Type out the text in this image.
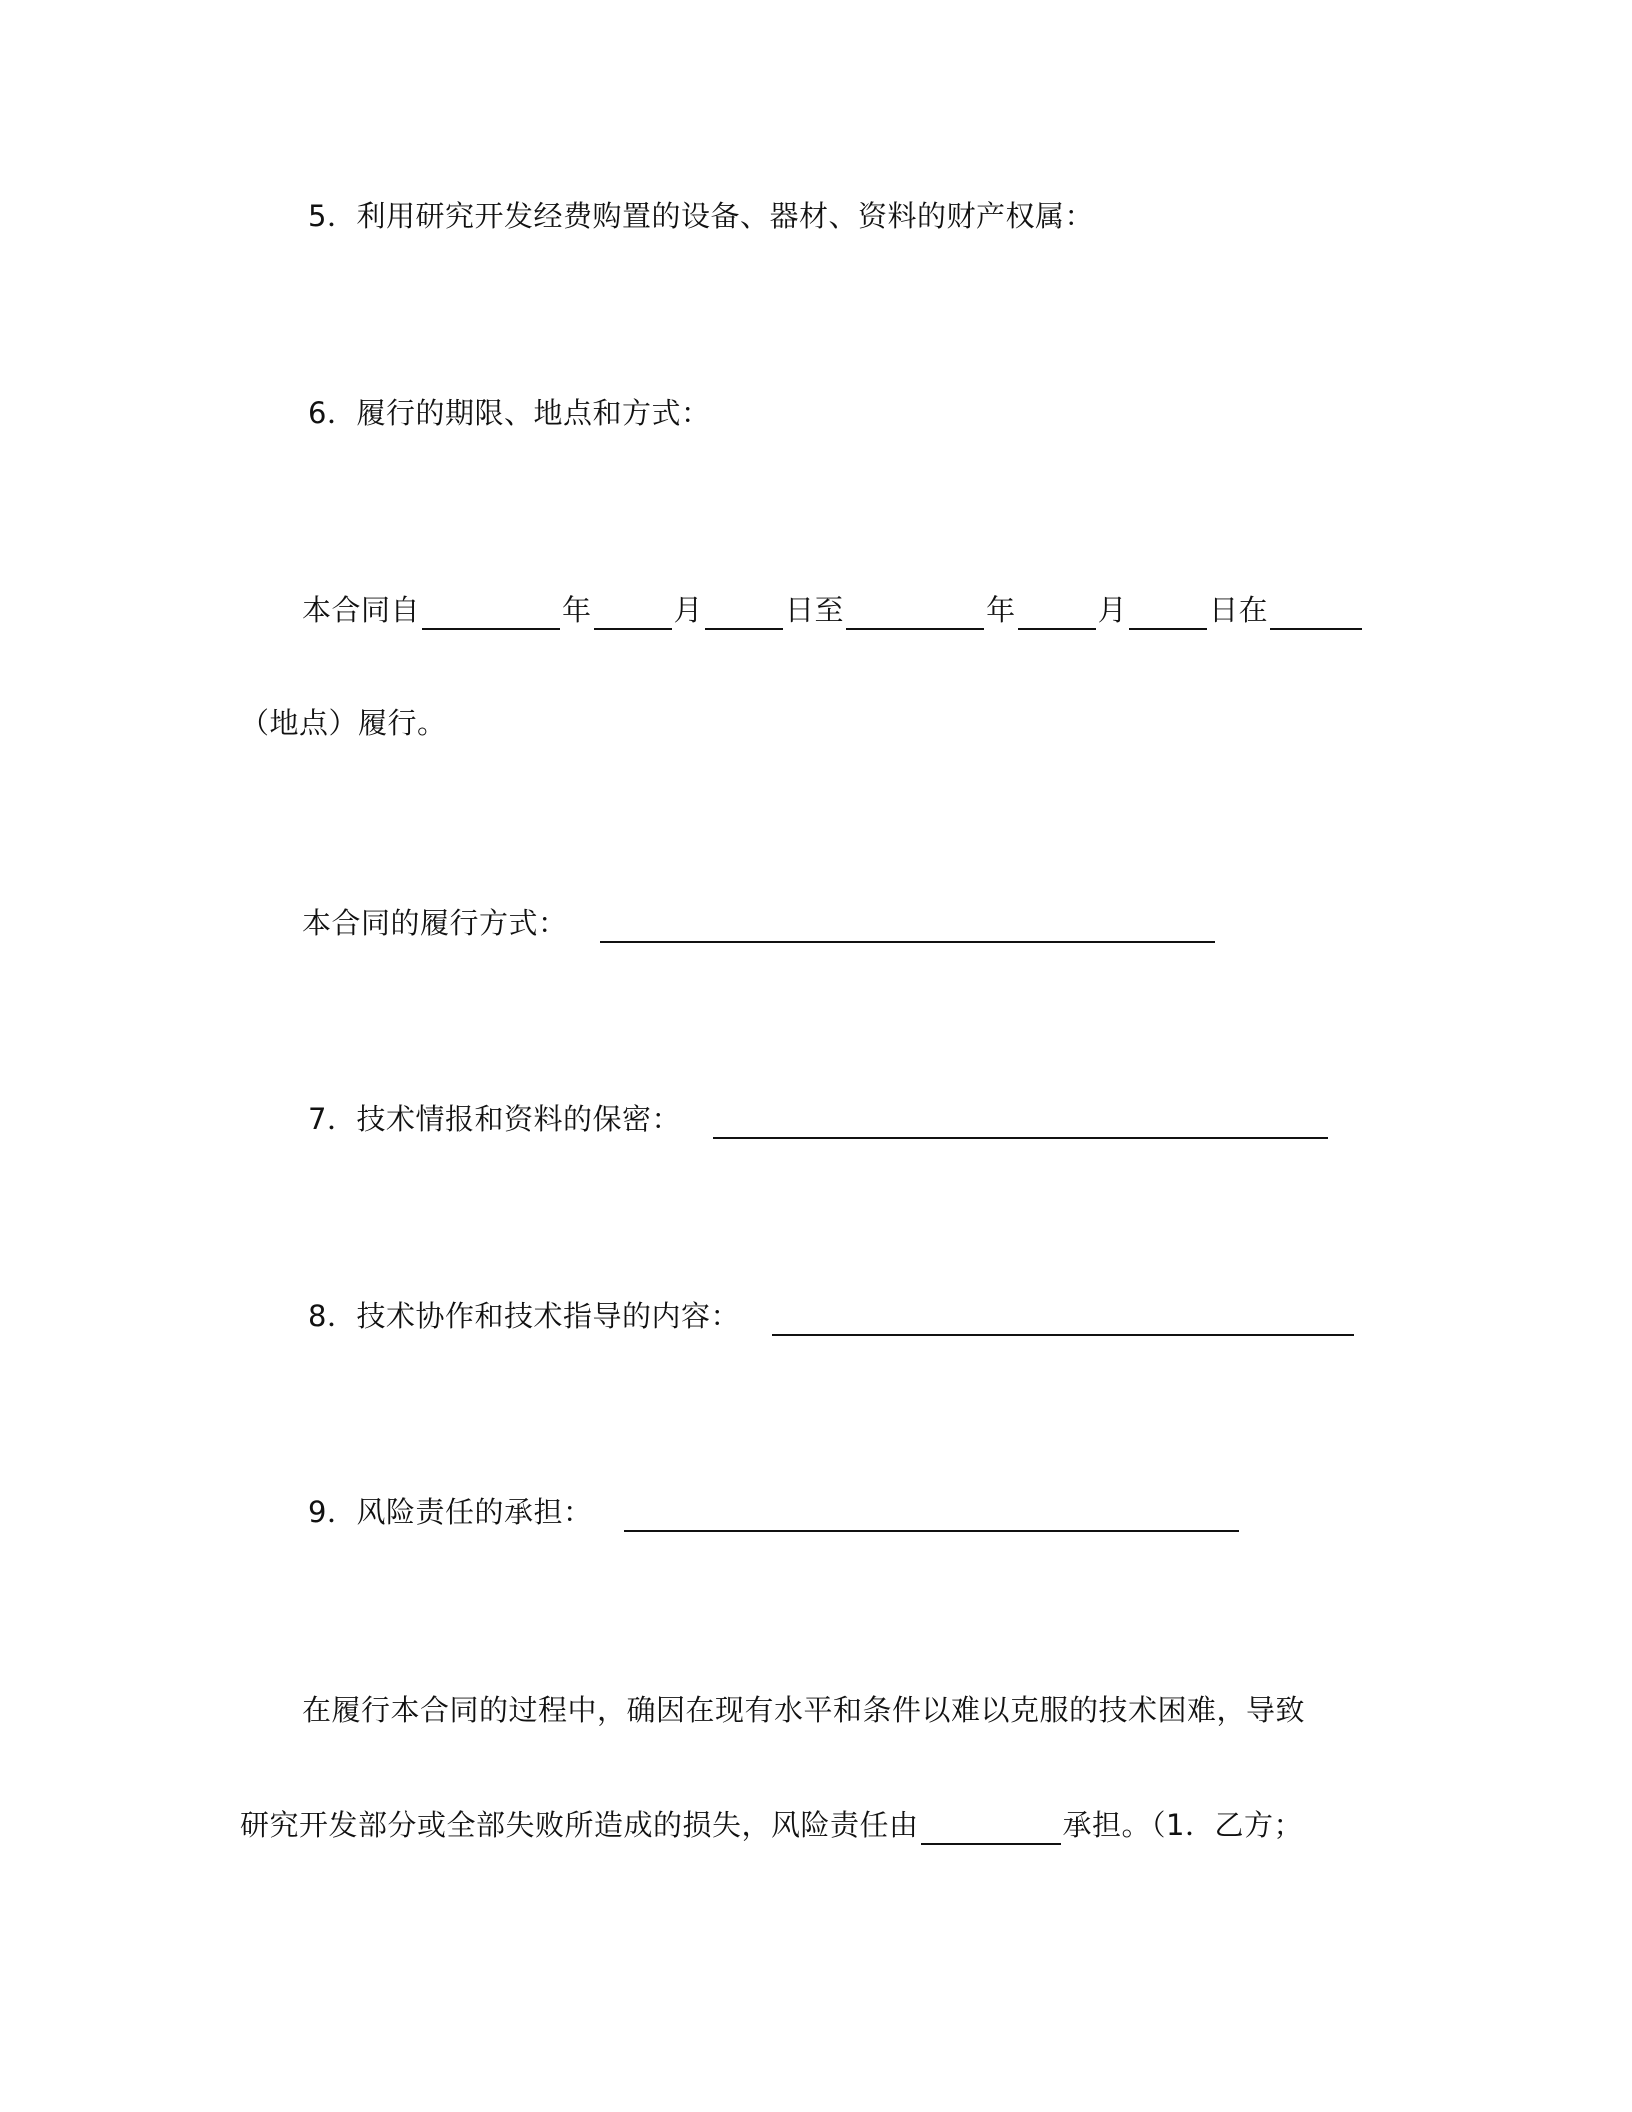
5．利用研究开发经费购置的设备、器材、资料的财产权属：
6．履行的期限、地点和方式：
本合同自	年	月	日至	年	月	日在
（地点）履行。
本合同的履行方式：
7．技术情报和资料的保密：
8．技术协作和技术指导的内容：
9．风险责任的承担：
在履行本合同的过程中，确因在现有水平和条件以难以克服的技术困难，导致
研究开发部分或全部失败所造成的损失，风险责任由	承担。（1．乙方；
